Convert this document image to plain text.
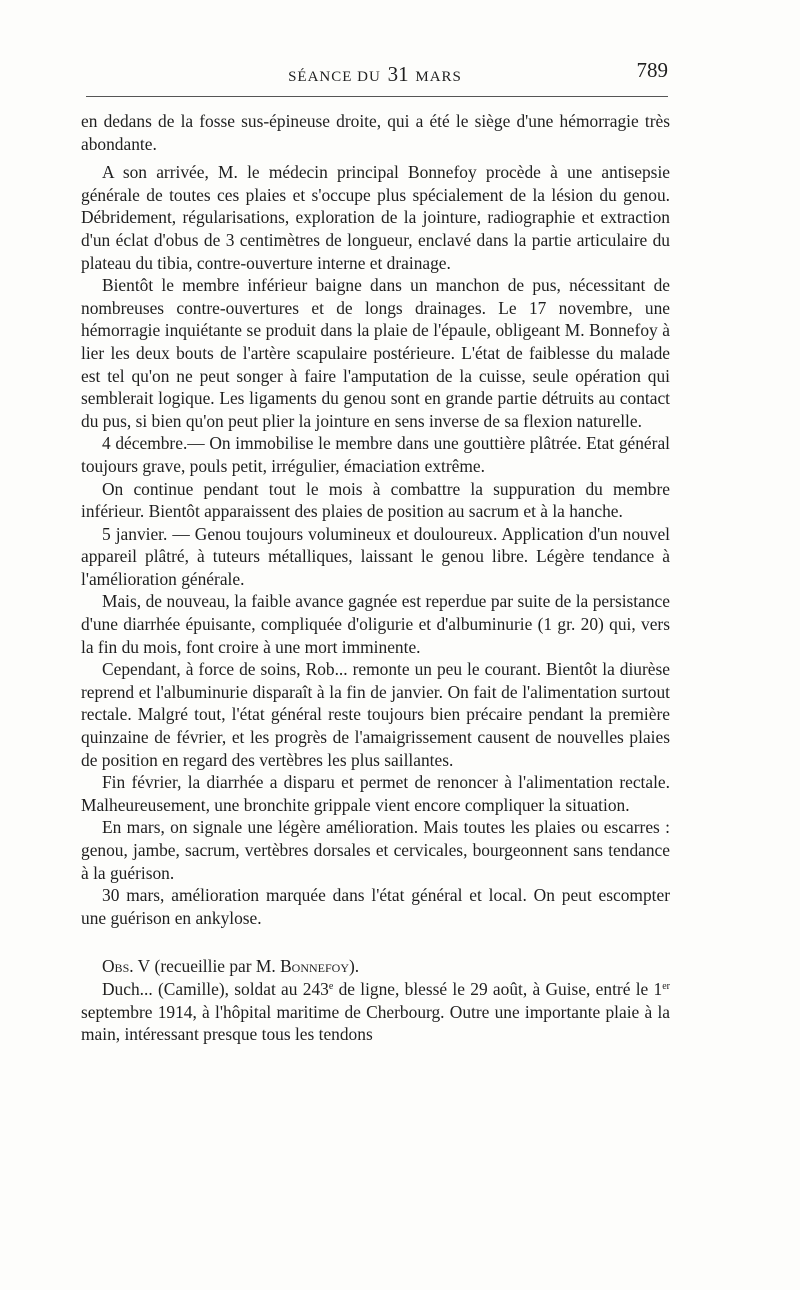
SÉANCE DU 31 MARS	789

en dedans de la fosse sus-épineuse droite, qui a été le siège d'une hémorragie très abondante.

A son arrivée, M. le médecin principal Bonnefoy procède à une antisepsie générale de toutes ces plaies et s'occupe plus spécialement de la lésion du genou. Débridement, régularisations, exploration de la jointure, radiographie et extraction d'un éclat d'obus de 3 centimètres de longueur, enclavé dans la partie articulaire du plateau du tibia, contre-ouverture interne et drainage.

Bientôt le membre inférieur baigne dans un manchon de pus, nécessitant de nombreuses contre-ouvertures et de longs drainages. Le 17 novembre, une hémorragie inquiétante se produit dans la plaie de l'épaule, obligeant M. Bonnefoy à lier les deux bouts de l'artère scapulaire postérieure. L'état de faiblesse du malade est tel qu'on ne peut songer à faire l'amputation de la cuisse, seule opération qui semblerait logique. Les ligaments du genou sont en grande partie détruits au contact du pus, si bien qu'on peut plier la jointure en sens inverse de sa flexion naturelle.

4 décembre.— On immobilise le membre dans une gouttière plâtrée. Etat général toujours grave, pouls petit, irrégulier, émaciation extrême.

On continue pendant tout le mois à combattre la suppuration du membre inférieur. Bientôt apparaissent des plaies de position au sacrum et à la hanche.

5 janvier. — Genou toujours volumineux et douloureux. Application d'un nouvel appareil plâtré, à tuteurs métalliques, laissant le genou libre. Légère tendance à l'amélioration générale.

Mais, de nouveau, la faible avance gagnée est reperdue par suite de la persistance d'une diarrhée épuisante, compliquée d'oligurie et d'albuminurie (1 gr. 20) qui, vers la fin du mois, font croire à une mort imminente.

Cependant, à force de soins, Rob... remonte un peu le courant. Bientôt la diurèse reprend et l'albuminurie disparaît à la fin de janvier. On fait de l'alimentation surtout rectale. Malgré tout, l'état général reste toujours bien précaire pendant la première quinzaine de février, et les progrès de l'amaigrissement causent de nouvelles plaies de position en regard des vertèbres les plus saillantes.

Fin février, la diarrhée a disparu et permet de renoncer à l'alimentation rectale. Malheureusement, une bronchite grippale vient encore compliquer la situation.

En mars, on signale une légère amélioration. Mais toutes les plaies ou escarres : genou, jambe, sacrum, vertèbres dorsales et cervicales, bourgeonnent sans tendance à la guérison.

30 mars, amélioration marquée dans l'état général et local. On peut escompter une guérison en ankylose.

Obs. V (recueillie par M. Bonnefoy).

Duch... (Camille), soldat au 243e de ligne, blessé le 29 août, à Guise, entré le 1er septembre 1914, à l'hôpital maritime de Cherbourg. Outre une importante plaie à la main, intéressant presque tous les tendons
